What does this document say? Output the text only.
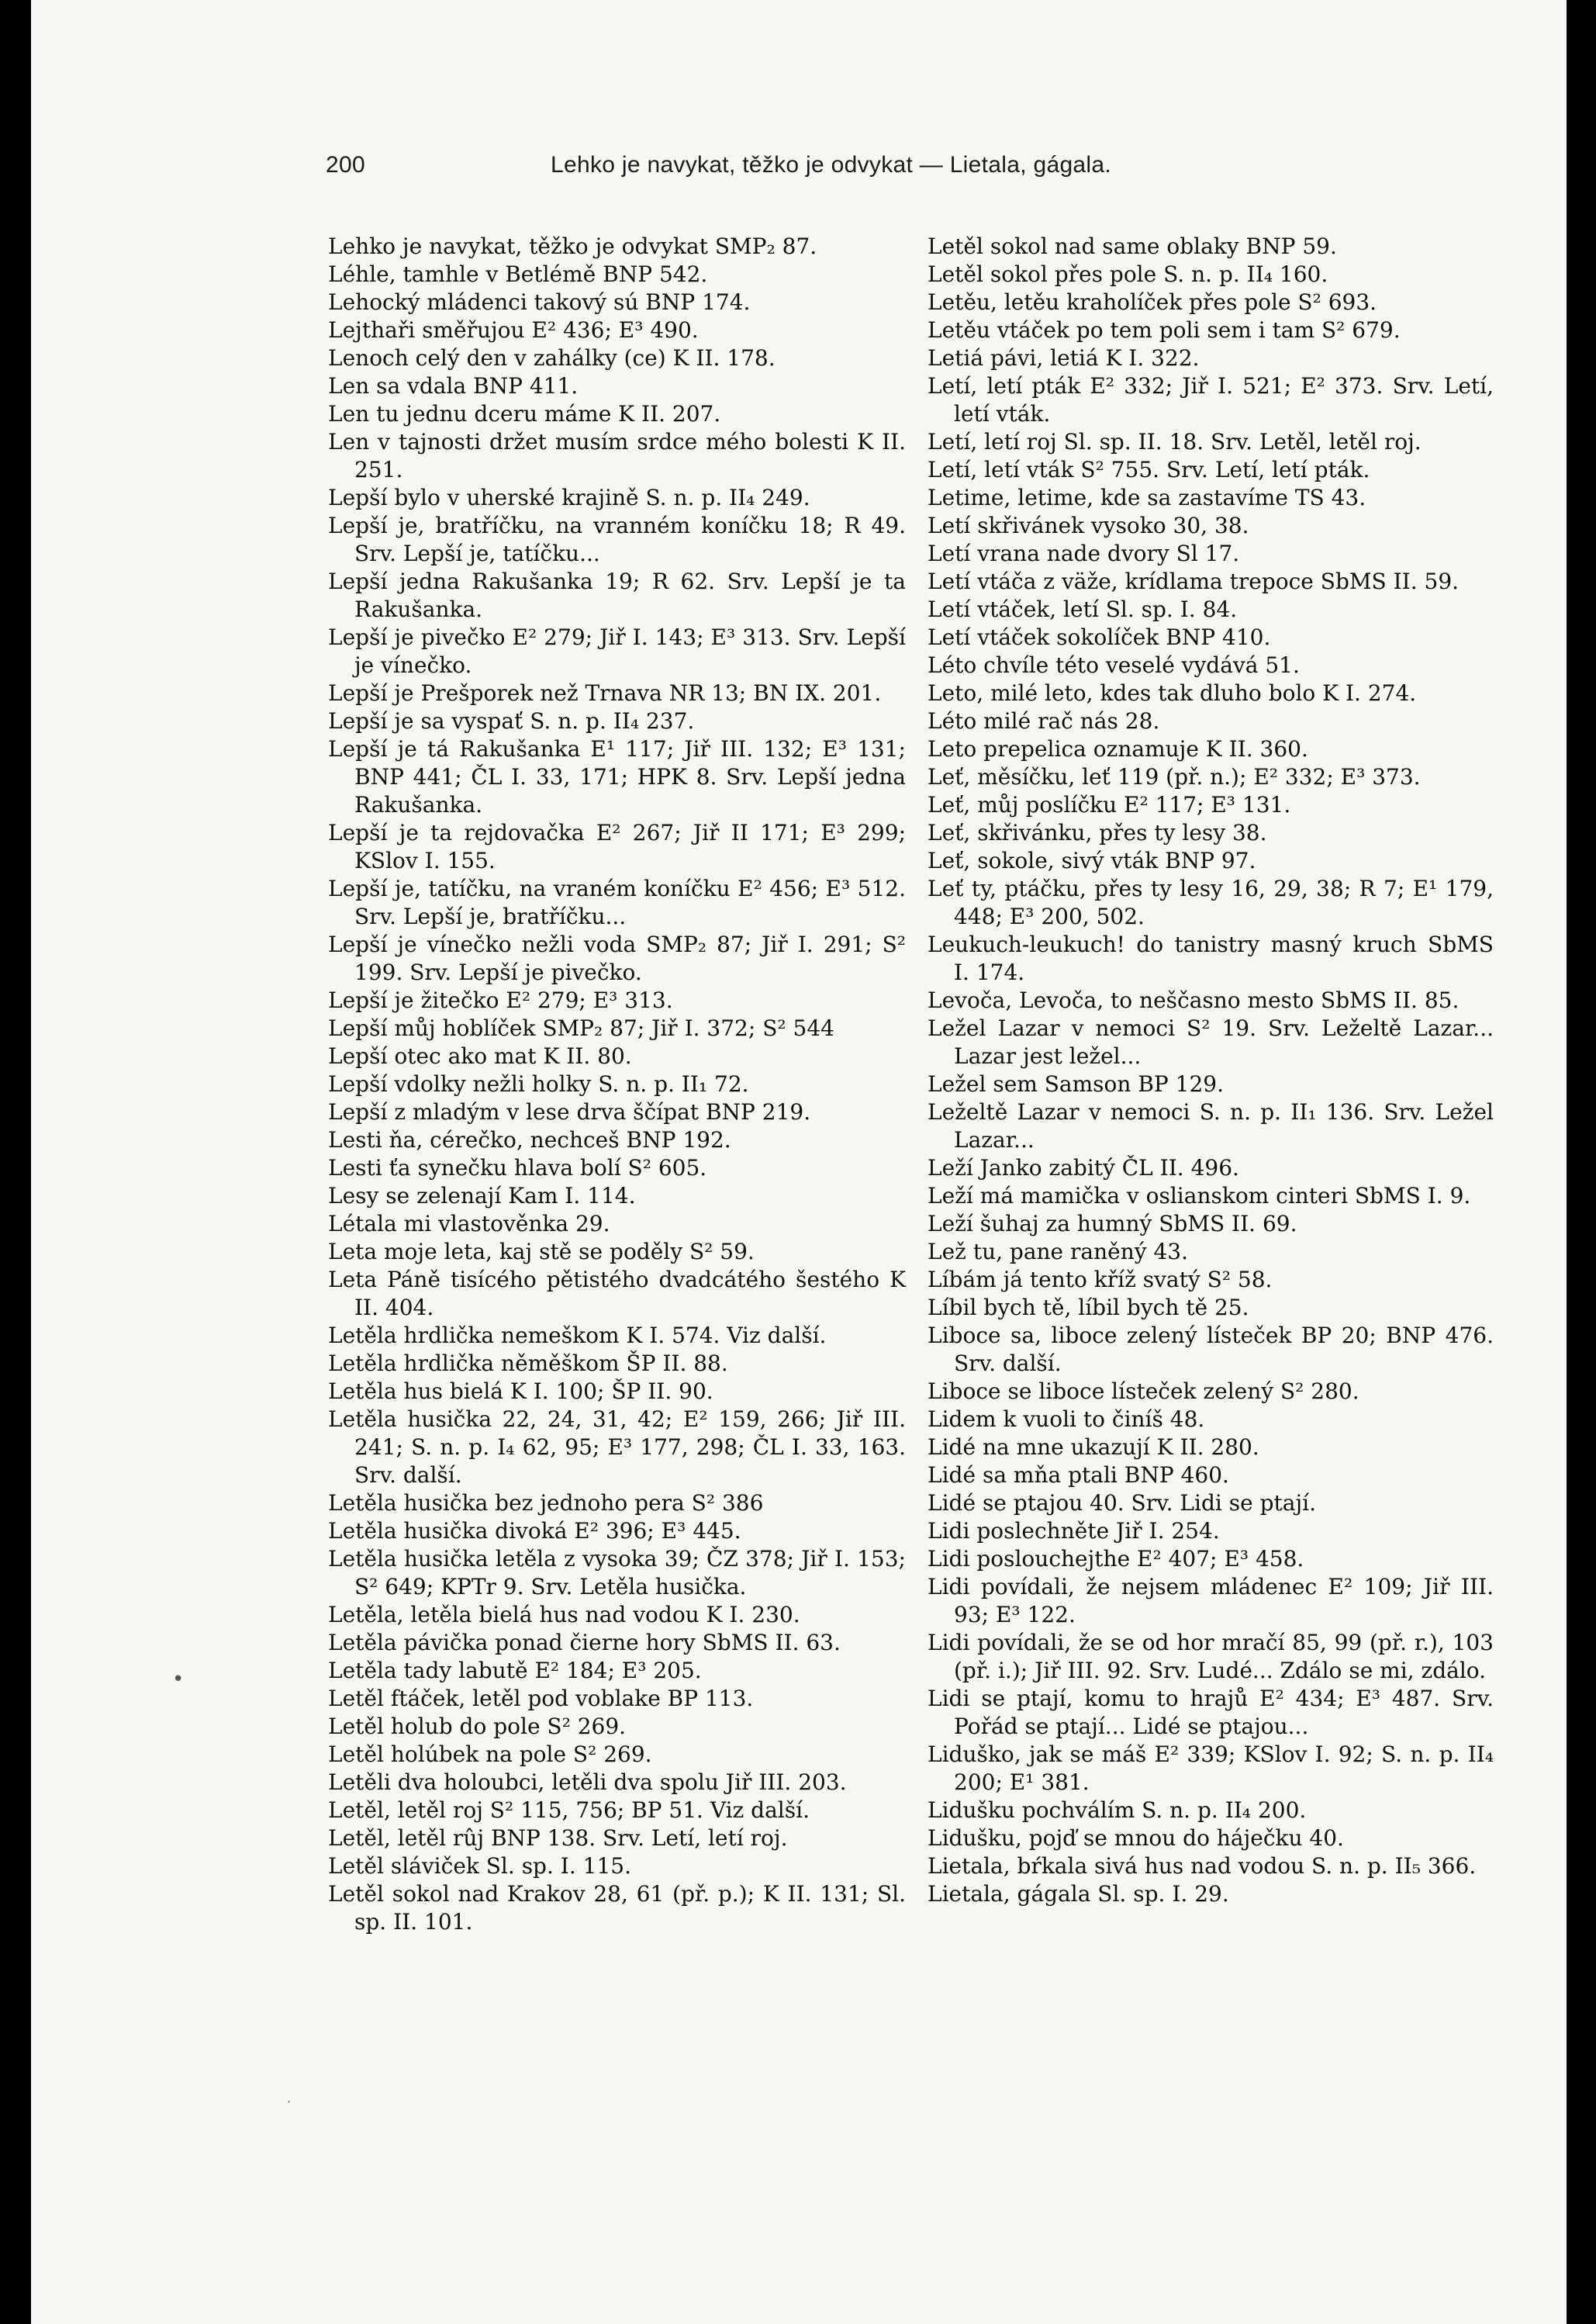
200	Lehko je navykat, těžko je odvykat — Lietala, gágala.

Lehko je navykat, těžko je odvykat SMP₂ 87.

Léhle, tamhle v Betlémě BNP 542.

Lehocký mládenci takový sú BNP 174.

Lejthaři směřujou E² 436; E³ 490.

Lenoch celý den v zahálky (ce) K II. 178.

Len sa vdala BNP 411.

Len tu jednu dceru máme K II. 207.

Len v tajnosti držet musím srdce mého bolesti K II. 251.

Lepší bylo v uherské krajině S. n. p. II₄ 249.

Lepší je, bratříčku, na vranném koníčku 18; R 49. Srv. Lepší je, tatíčku...

Lepší jedna Rakušanka 19; R 62. Srv. Lepší je ta Rakušanka.

Lepší je pivečko E² 279; Jiř I. 143; E³ 313. Srv. Lepší je vínečko.

Lepší je Prešporek než Trnava NR 13; BN IX. 201.

Lepší je sa vyspať S. n. p. II₄ 237.

Lepší je tá Rakušanka E¹ 117; Jiř III. 132; E³ 131; BNP 441; ČL I. 33, 171; HPK 8. Srv. Lepší jedna Rakušanka.

Lepší je ta rejdovačka E² 267; Jiř II 171; E³ 299; KSlov I. 155.

Lepší je, tatíčku, na vraném koníčku E² 456; E³ 512. Srv. Lepší je, bratříčku...

Lepší je vínečko nežli voda SMP₂ 87; Jiř I. 291; S² 199. Srv. Lepší je pivečko.

Lepší je žitečko E² 279; E³ 313.

Lepší můj hoblíček SMP₂ 87; Jiř I. 372; S² 544

Lepší otec ako mat K II. 80.

Lepší vdolky nežli holky S. n. p. II₁ 72.

Lepší z mladým v lese drva ščípat BNP 219.

Lesti ňa, cérečko, nechceš BNP 192.

Lesti ťa synečku hlava bolí S² 605.

Lesy se zelenají Kam I. 114.

Létala mi vlastověnka 29.

Leta moje leta, kaj stě se poděly S² 59.

Leta Páně tisícého pětistého dvadcátého šestého K II. 404.

Letěla hrdlička nemeškom K I. 574. Viz další.

Letěla hrdlička něměškom ŠP II. 88.

Letěla hus bielá K I. 100; ŠP II. 90.

Letěla husička 22, 24, 31, 42; E² 159, 266; Jiř III. 241; S. n. p. I₄ 62, 95; E³ 177, 298; ČL I. 33, 163. Srv. další.

Letěla husička bez jednoho pera S² 386

Letěla husička divoká E² 396; E³ 445.

Letěla husička letěla z vysoka 39; ČZ 378; Jiř I. 153; S² 649; KPTr 9. Srv. Letěla husička.

Letěla, letěla bielá hus nad vodou K I. 230.

Letěla pávička ponad čierne hory SbMS II. 63.

Letěla tady labutě E² 184; E³ 205.

Letěl ftáček, letěl pod voblake BP 113.

Letěl holub do pole S² 269.

Letěl holúbek na pole S² 269.

Letěli dva holoubci, letěli dva spolu Jiř III. 203.

Letěl, letěl roj S² 115, 756; BP 51. Viz další.

Letěl, letěl rûj BNP 138. Srv. Letí, letí roj.

Letěl sláviček Sl. sp. I. 115.

Letěl sokol nad Krakov 28, 61 (př. p.); K II. 131; Sl. sp. II. 101.

Letěl sokol nad same oblaky BNP 59.

Letěl sokol přes pole S. n. p. II₄ 160.

Letěu, letěu kraholíček přes pole S² 693.

Letěu vtáček po tem poli sem i tam S² 679.

Letiá pávi, letiá K I. 322.

Letí, letí pták E² 332; Jiř I. 521; E² 373. Srv. Letí, letí vták.

Letí, letí roj Sl. sp. II. 18. Srv. Letěl, letěl roj.

Letí, letí vták S² 755. Srv. Letí, letí pták.

Letime, letime, kde sa zastavíme TS 43.

Letí skřivánek vysoko 30, 38.

Letí vrana nade dvory Sl 17.

Letí vtáča z väže, krídlama trepoce SbMS II. 59.

Letí vtáček, letí Sl. sp. I. 84.

Letí vtáček sokolíček BNP 410.

Léto chvíle této veselé vydává 51.

Leto, milé leto, kdes tak dluho bolo K I. 274.

Léto milé rač nás 28.

Leto prepelica oznamuje K II. 360.

Leť, měsíčku, leť 119 (př. n.); E² 332; E³ 373.

Leť, můj poslíčku E² 117; E³ 131.

Leť, skřivánku, přes ty lesy 38.

Leť, sokole, sivý vták BNP 97.

Leť ty, ptáčku, přes ty lesy 16, 29, 38; R 7; E¹ 179, 448; E³ 200, 502.

Leukuch-leukuch! do tanistry masný kruch SbMS I. 174.

Levoča, Levoča, to neščasno mesto SbMS II. 85.

Ležel Lazar v nemoci S² 19. Srv. Leželtě Lazar... Lazar jest ležel...

Ležel sem Samson BP 129.

Leželtě Lazar v nemoci S. n. p. II₁ 136. Srv. Ležel Lazar...

Leží Janko zabitý ČL II. 496.

Leží má mamička v oslianskom cinteri SbMS I. 9.

Leží šuhaj za humný SbMS II. 69.

Lež tu, pane raněný 43.

Líbám já tento kříž svatý S² 58.

Líbil bych tě, líbil bych tě 25.

Liboce sa, liboce zelený lísteček BP 20; BNP 476. Srv. další.

Liboce se liboce lísteček zelený S² 280.

Lidem k vuoli to činíš 48.

Lidé na mne ukazují K II. 280.

Lidé sa mňa ptali BNP 460.

Lidé se ptajou 40. Srv. Lidi se ptají.

Lidi poslechněte Jiř I. 254.

Lidi poslouchejthe E² 407; E³ 458.

Lidi povídali, že nejsem mládenec E² 109; Jiř III. 93; E³ 122.

Lidi povídali, že se od hor mračí 85, 99 (př. r.), 103 (př. i.); Jiř III. 92. Srv. Ludé... Zdálo se mi, zdálo.

Lidi se ptají, komu to hrajů E² 434; E³ 487. Srv. Pořád se ptají... Lidé se ptajou...

Liduško, jak se máš E² 339; KSlov I. 92; S. n. p. II₄ 200; E¹ 381.

Lidušku pochválím S. n. p. II₄ 200.

Lidušku, pojď se mnou do háječku 40.

Lietala, bŕkala sivá hus nad vodou S. n. p. II₅ 366.

Lietala, gágala Sl. sp. I. 29.

•
·
